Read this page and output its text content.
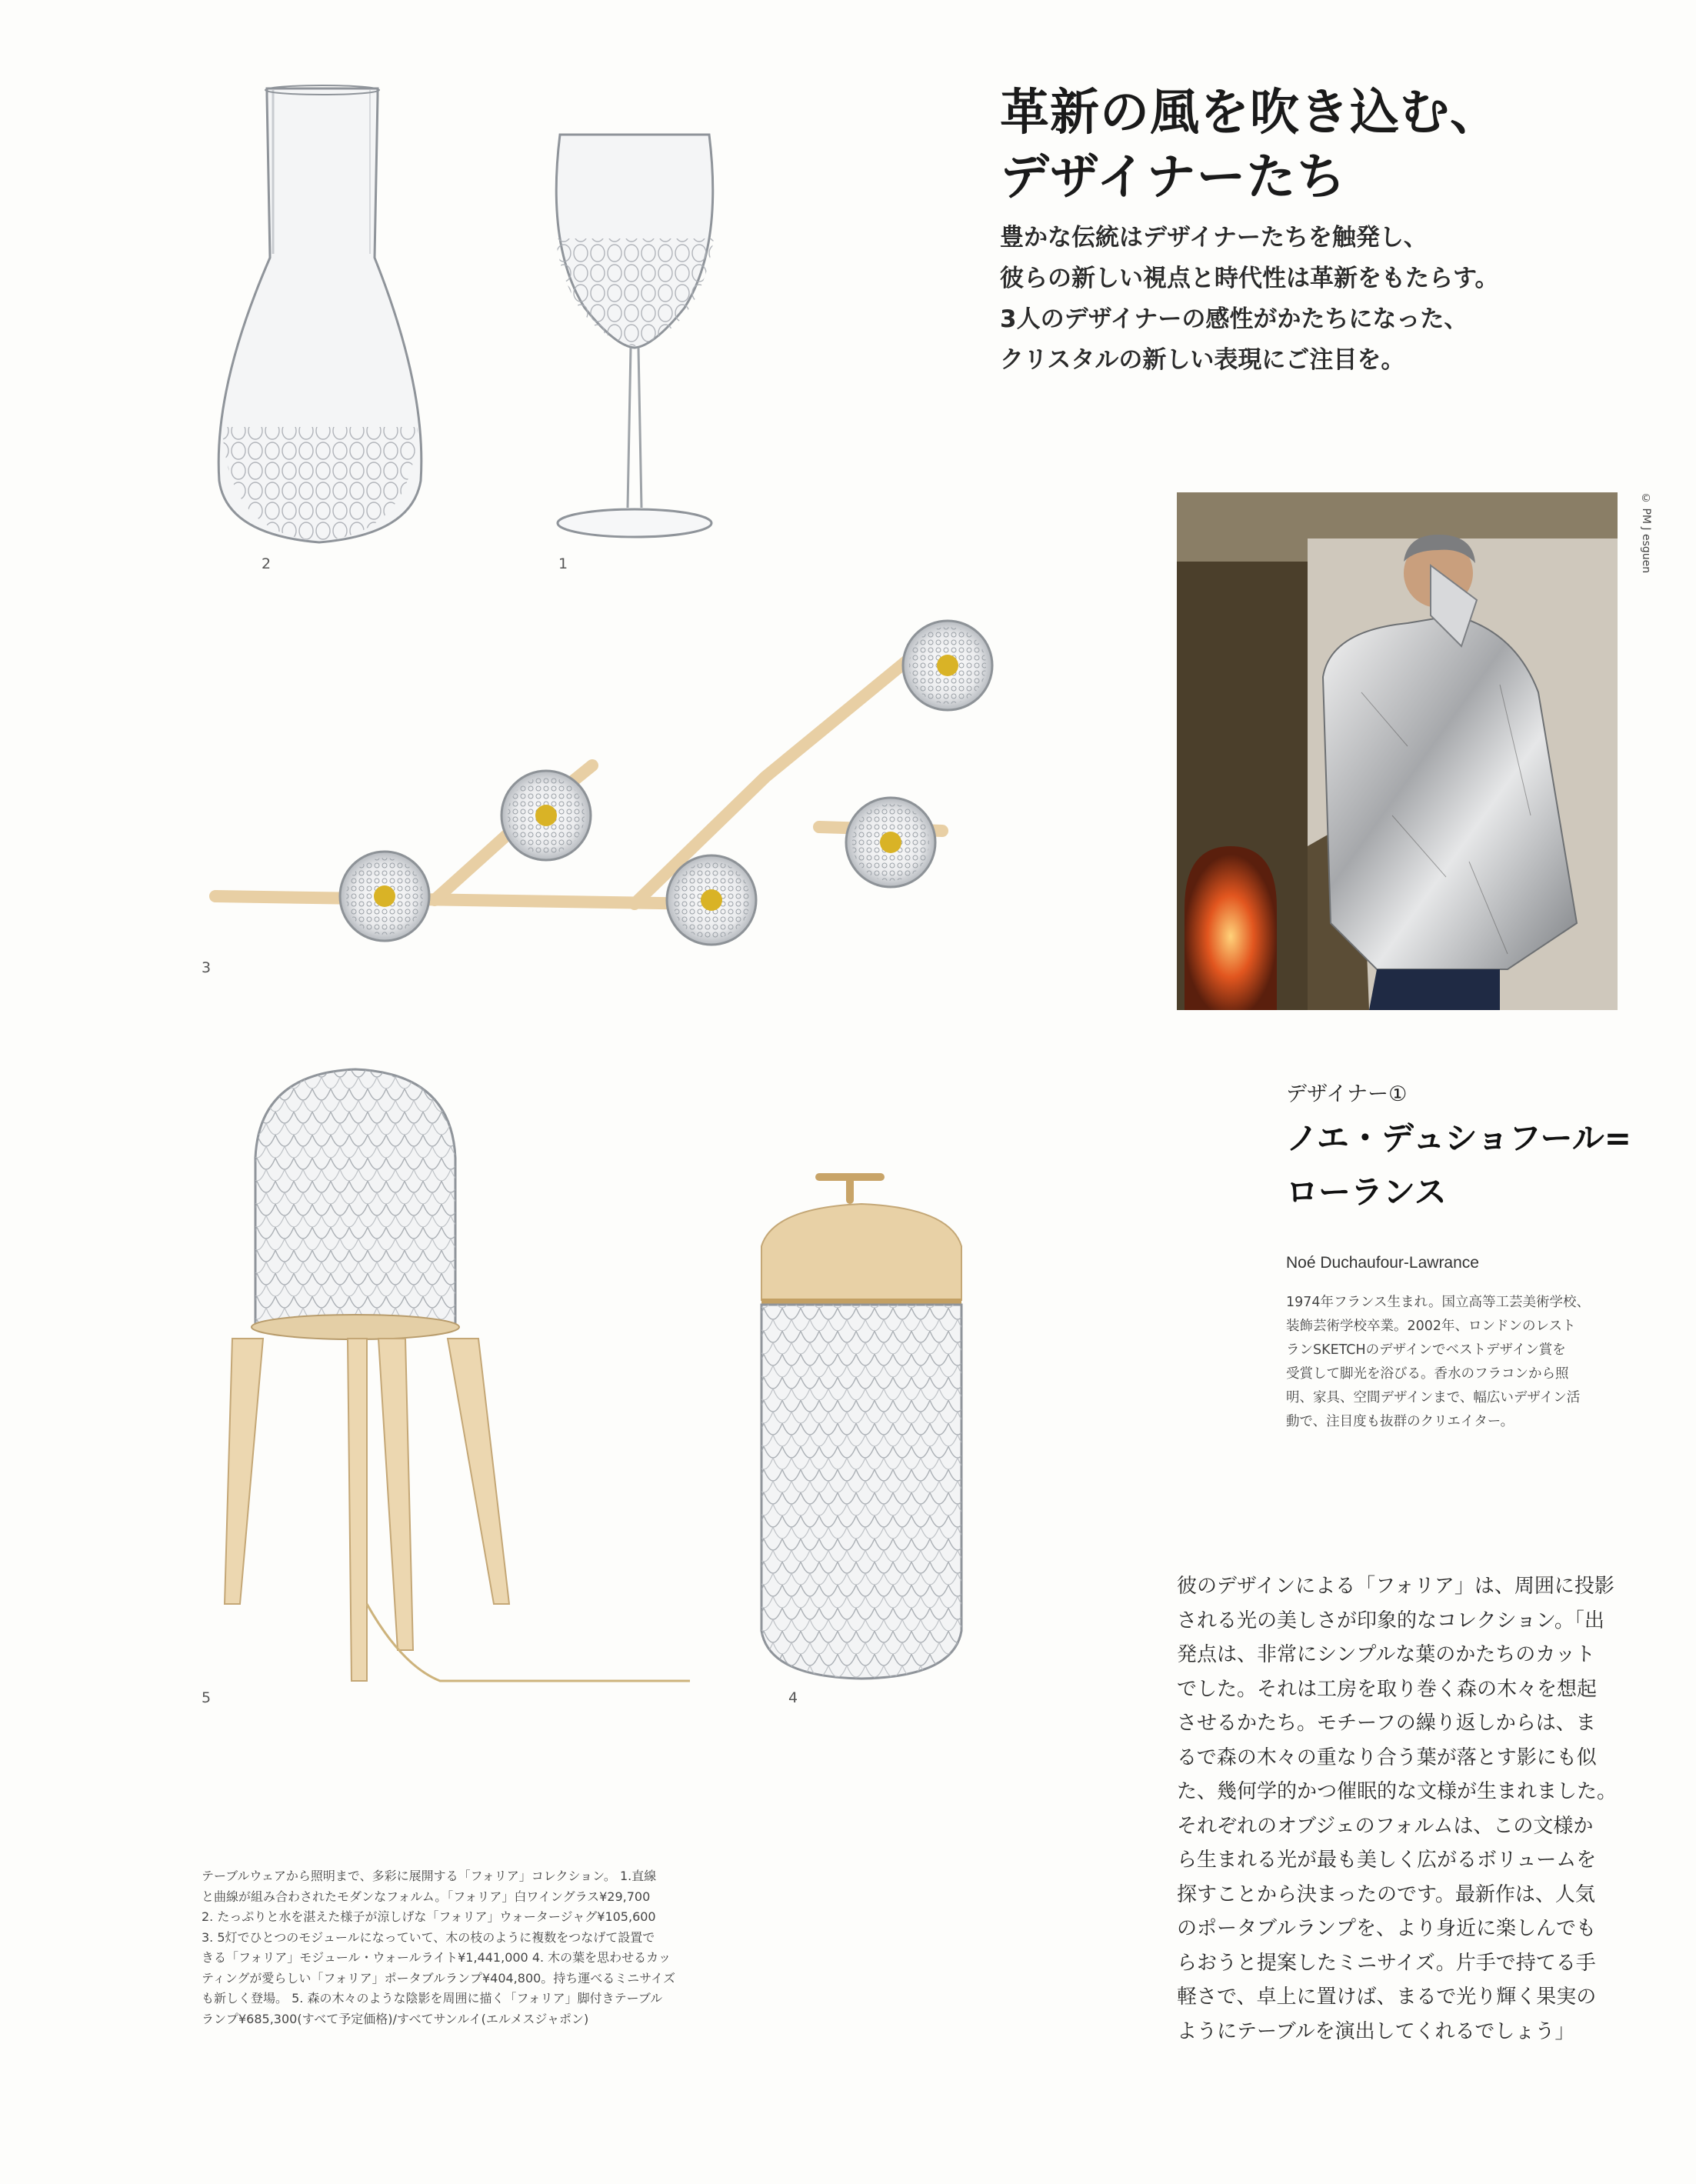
2	1
3
革新の風を吹き込む、
デザイナーたち
豊かな伝統はデザイナーたちを触発し、
彼らの新しい視点と時代性は革新をもたらす。
3人のデザイナーの感性がかたちになった、
クリスタルの新しい表現にご注目を。
© PM J esguen
デザイナー①
ノエ・デュショフール=
ローランス
Noé Duchaufour-Lawrance
1974年フランス生まれ。国立高等工芸美術学校、
装飾芸術学校卒業。2002年、ロンドンのレスト
ランSKETCHのデザインでベストデザイン賞を
受賞して脚光を浴びる。香水のフラコンから照
明、家具、空間デザインまで、幅広いデザイン活
動で、注目度も抜群のクリエイター。
5	4
彼のデザインによる「フォリア」は、周囲に投影
される光の美しさが印象的なコレクション。「出
発点は、非常にシンプルな葉のかたちのカット
でした。それは工房を取り巻く森の木々を想起
させるかたち。モチーフの繰り返しからは、ま
るで森の木々の重なり合う葉が落とす影にも似
た、幾何学的かつ催眠的な文様が生まれました。
それぞれのオブジェのフォルムは、この文様か
ら生まれる光が最も美しく広がるボリュームを
探すことから決まったのです。最新作は、人気
のポータブルランプを、より身近に楽しんでも
らおうと提案したミニサイズ。片手で持てる手
軽さで、卓上に置けば、まるで光り輝く果実の
ようにテーブルを演出してくれるでしょう」
テーブルウェアから照明まで、多彩に展開する「フォリア」コレクション。 1.直線
と曲線が組み合わされたモダンなフォルム。「フォリア」白ワイングラス¥29,700
2. たっぷりと水を湛えた様子が涼しげな「フォリア」ウォータージャグ¥105,600
3. 5灯でひとつのモジュールになっていて、木の枝のように複数をつなげて設置で
きる「フォリア」モジュール・ウォールライト¥1,441,000 4. 木の葉を思わせるカッ
ティングが愛らしい「フォリア」ポータブルランプ¥404,800。持ち運べるミニサイズ
も新しく登場。 5. 森の木々のような陰影を周囲に描く「フォリア」脚付きテーブル
ランプ¥685,300(すべて予定価格)/すべてサンルイ(エルメスジャポン)
